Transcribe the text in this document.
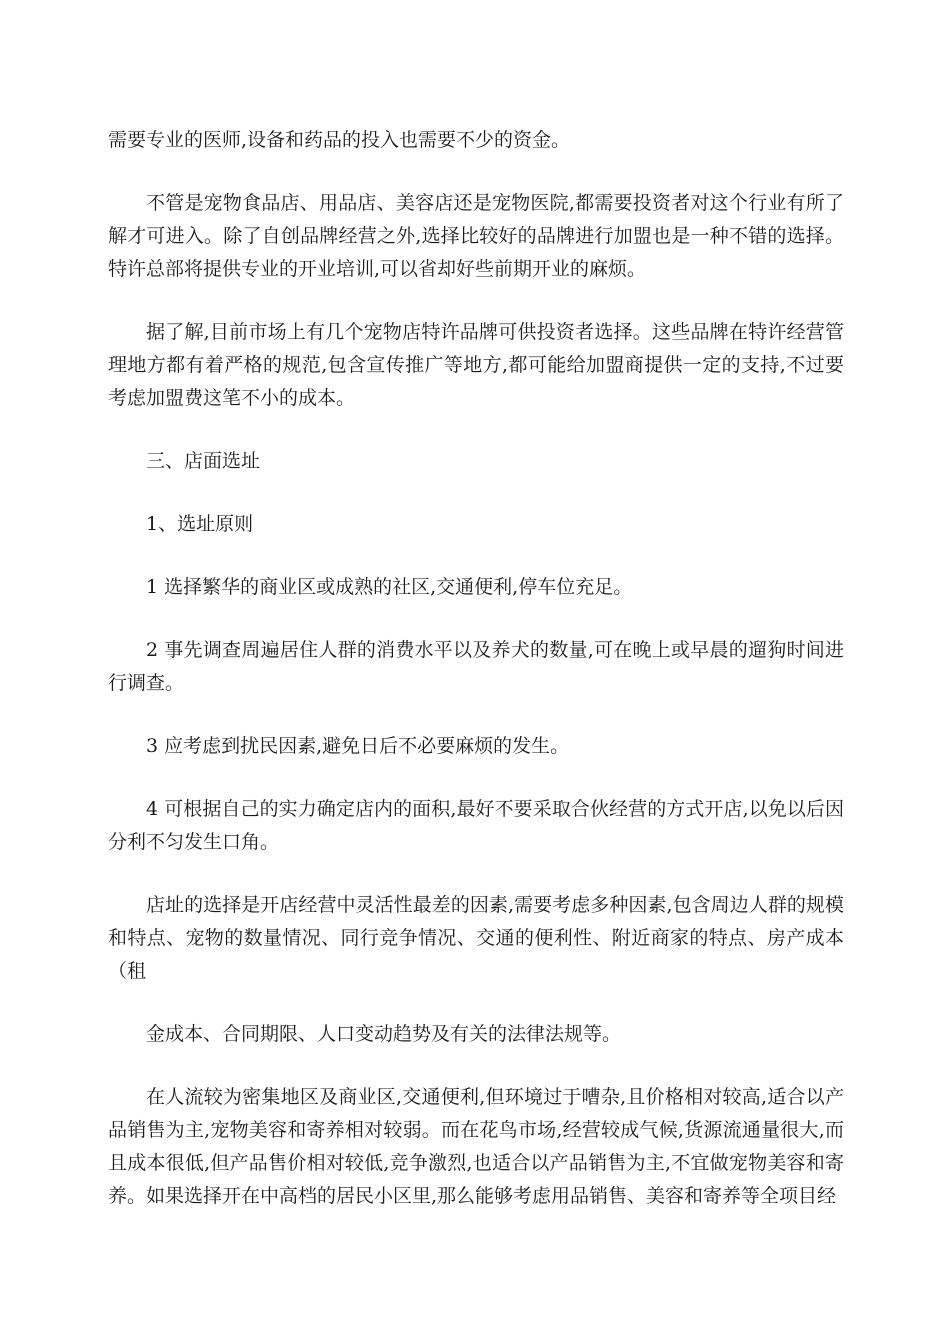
需要专业的医师,设备和药品的投入也需要不少的资金。

不管是宠物食品店、用品店、美容店还是宠物医院,都需要投资者对这个行业有所了解才可进入。除了自创品牌经营之外,选择比较好的品牌进行加盟也是一种不错的选择。特许总部将提供专业的开业培训,可以省却好些前期开业的麻烦。

据了解,目前市场上有几个宠物店特许品牌可供投资者选择。这些品牌在特许经营管理地方都有着严格的规范,包含宣传推广等地方,都可能给加盟商提供一定的支持,不过要考虑加盟费这笔不小的成本。

三、店面选址

1、选址原则

1 选择繁华的商业区或成熟的社区,交通便利,停车位充足。

2 事先调查周遍居住人群的消费水平以及养犬的数量,可在晚上或早晨的遛狗时间进行调查。

3 应考虑到扰民因素,避免日后不必要麻烦的发生。

4 可根据自己的实力确定店内的面积,最好不要采取合伙经营的方式开店,以免以后因分利不匀发生口角。

店址的选择是开店经营中灵活性最差的因素,需要考虑多种因素,包含周边人群的规模和特点、宠物的数量情况、同行竞争情况、交通的便利性、附近商家的特点、房产成本（租

金成本、合同期限、人口变动趋势及有关的法律法规等。

在人流较为密集地区及商业区,交通便利,但环境过于嘈杂,且价格相对较高,适合以产品销售为主,宠物美容和寄养相对较弱。而在花鸟市场,经营较成气候,货源流通量很大,而且成本很低,但产品售价相对较低,竞争激烈,也适合以产品销售为主,不宜做宠物美容和寄养。如果选择开在中高档的居民小区里,那么能够考虑用品销售、美容和寄养等全项目经
